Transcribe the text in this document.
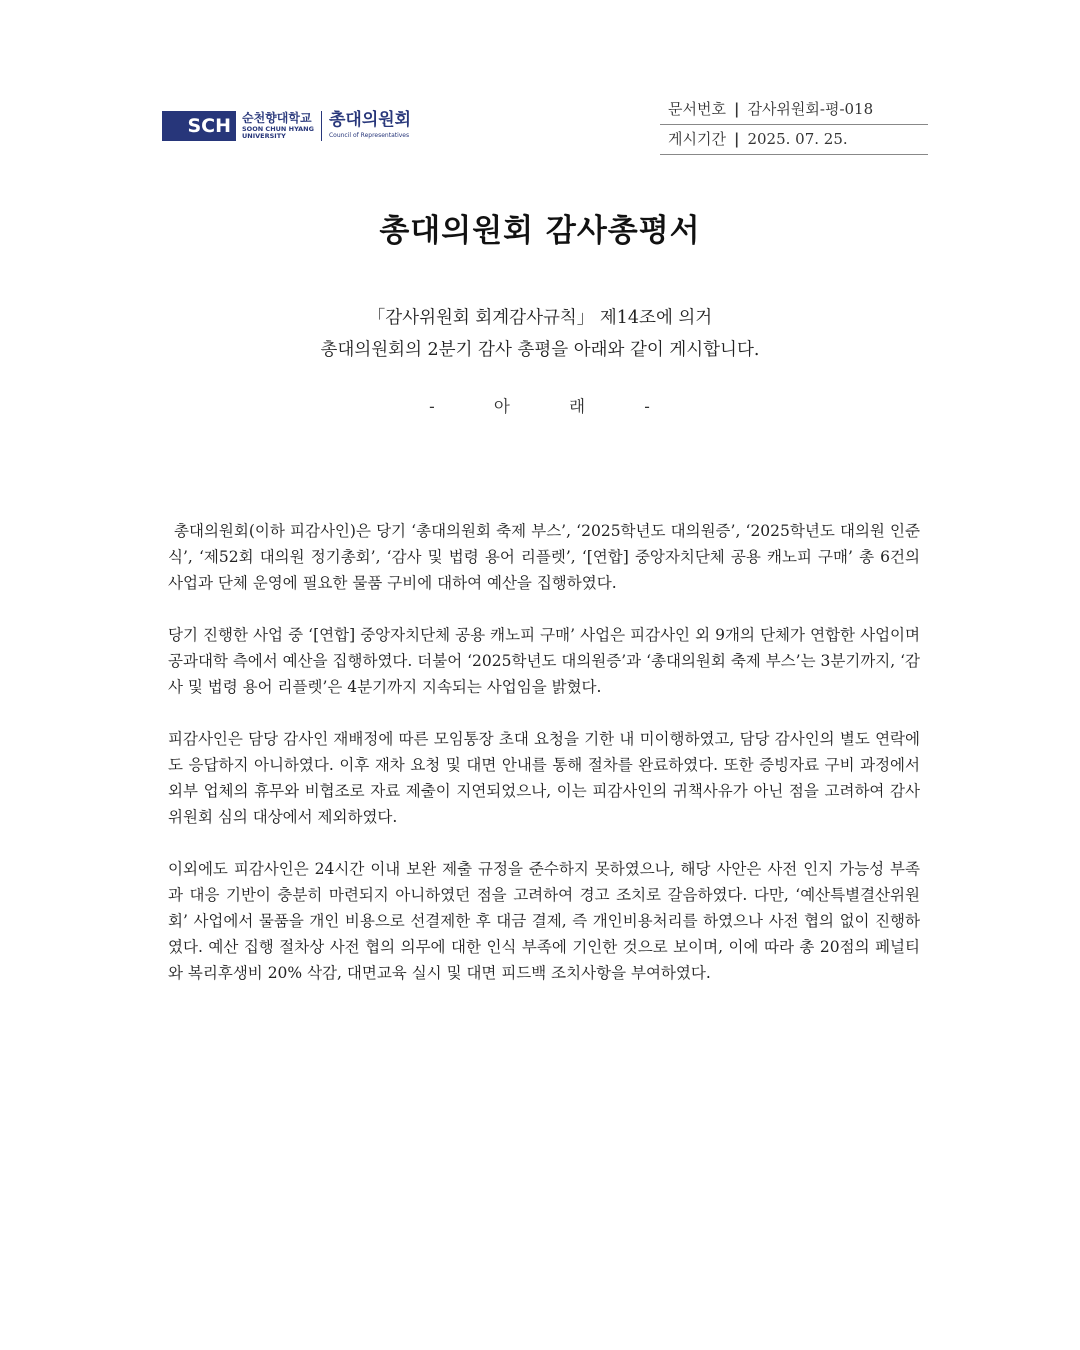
SCH 순천향대학교
SOON CHUN HYANG
UNIVERSITY
총대의원회
Council of Representatives
문서번호 | 감사위원회-평-018
게시기간 | 2025. 07. 25.
총대의원회 감사총평서
「감사위원회 회계감사규칙」 제14조에 의거
총대의원회의 2분기 감사 총평을 아래와 같이 게시합니다.
- 아 래 -

총대의원회(이하 피감사인)은 당기 ‘총대의원회 축제 부스’, ‘2025학년도 대의원증’, ‘2025학년도 대의원 인준식’, ‘제52회 대의원 정기총회’, ‘감사 및 법령 용어 리플렛’, ‘[연합] 중앙자치단체 공용 캐노피 구매’ 총 6건의 사업과 단체 운영에 필요한 물품 구비에 대하여 예산을 집행하였다.

당기 진행한 사업 중 ‘[연합] 중앙자치단체 공용 캐노피 구매’ 사업은 피감사인 외 9개의 단체가 연합한 사업이며 공과대학 측에서 예산을 집행하였다. 더불어 ‘2025학년도 대의원증’과 ‘총대의원회 축제 부스’는 3분기까지, ‘감사 및 법령 용어 리플렛’은 4분기까지 지속되는 사업임을 밝혔다.

피감사인은 담당 감사인 재배정에 따른 모임통장 초대 요청을 기한 내 미이행하였고, 담당 감사인의 별도 연락에도 응답하지 아니하였다. 이후 재차 요청 및 대면 안내를 통해 절차를 완료하였다. 또한 증빙자료 구비 과정에서 외부 업체의 휴무와 비협조로 자료 제출이 지연되었으나, 이는 피감사인의 귀책사유가 아닌 점을 고려하여 감사위원회 심의 대상에서 제외하였다.

이외에도 피감사인은 24시간 이내 보완 제출 규정을 준수하지 못하였으나, 해당 사안은 사전 인지 가능성 부족과 대응 기반이 충분히 마련되지 아니하였던 점을 고려하여 경고 조치로 갈음하였다. 다만, ‘예산특별결산위원회’ 사업에서 물품을 개인 비용으로 선결제한 후 대금 결제, 즉 개인비용처리를 하였으나 사전 협의 없이 진행하였다. 예산 집행 절차상 사전 협의 의무에 대한 인식 부족에 기인한 것으로 보이며, 이에 따라 총 20점의 페널티와 복리후생비 20% 삭감, 대면교육 실시 및 대면 피드백 조치사항을 부여하였다.
